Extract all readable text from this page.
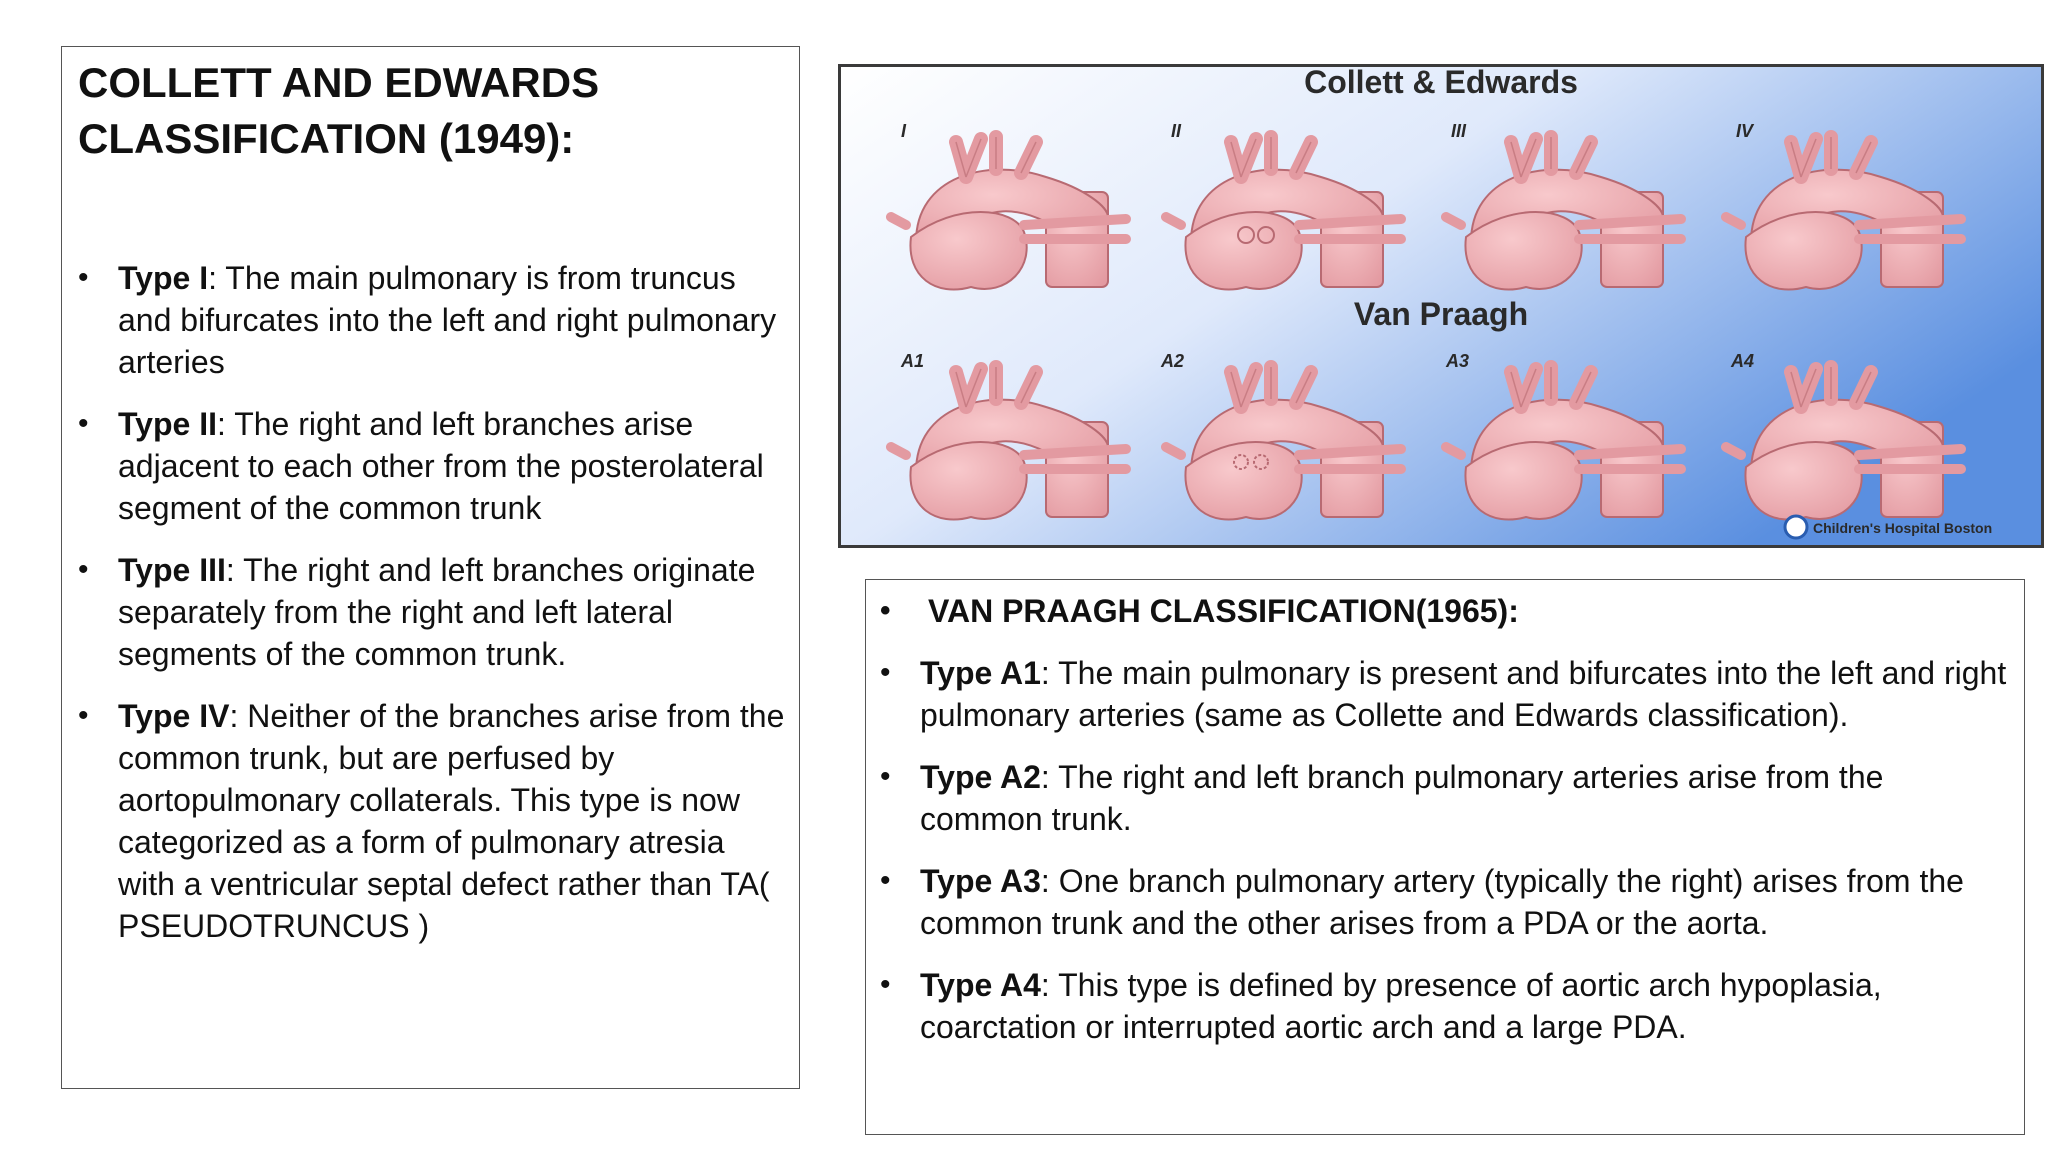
COLLETT AND EDWARDS CLASSIFICATION (1949):
• Type I: The main pulmonary is from truncus and bifurcates into the left and right pulmonary arteries
• Type II: The right and left branches arise adjacent to each other from the posterolateral segment of the common trunk
• Type III: The right and left branches originate separately from the right and left lateral segments of the common trunk.
• Type IV: Neither of the branches arise from the common trunk, but are perfused by aortopulmonary collaterals. This type is now categorized as a form of pulmonary atresia with a ventricular septal defect rather than TA( PSEUDOTRUNCUS )
Collett & Edwards
Van Praagh
I	II	III	IV
A1	A2	A3	A4
Children's Hospital Boston
• VAN PRAAGH CLASSIFICATION(1965):
• Type A1: The main pulmonary is present and bifurcates into the left and right pulmonary arteries (same as Collette and Edwards classification).
• Type A2: The right and left branch pulmonary arteries arise from the common trunk.
• Type A3: One branch pulmonary artery (typically the right) arises from the common trunk and the other arises from a PDA or the aorta.
• Type A4: This type is defined by presence of aortic arch hypoplasia, coarctation or interrupted aortic arch and a large PDA.
